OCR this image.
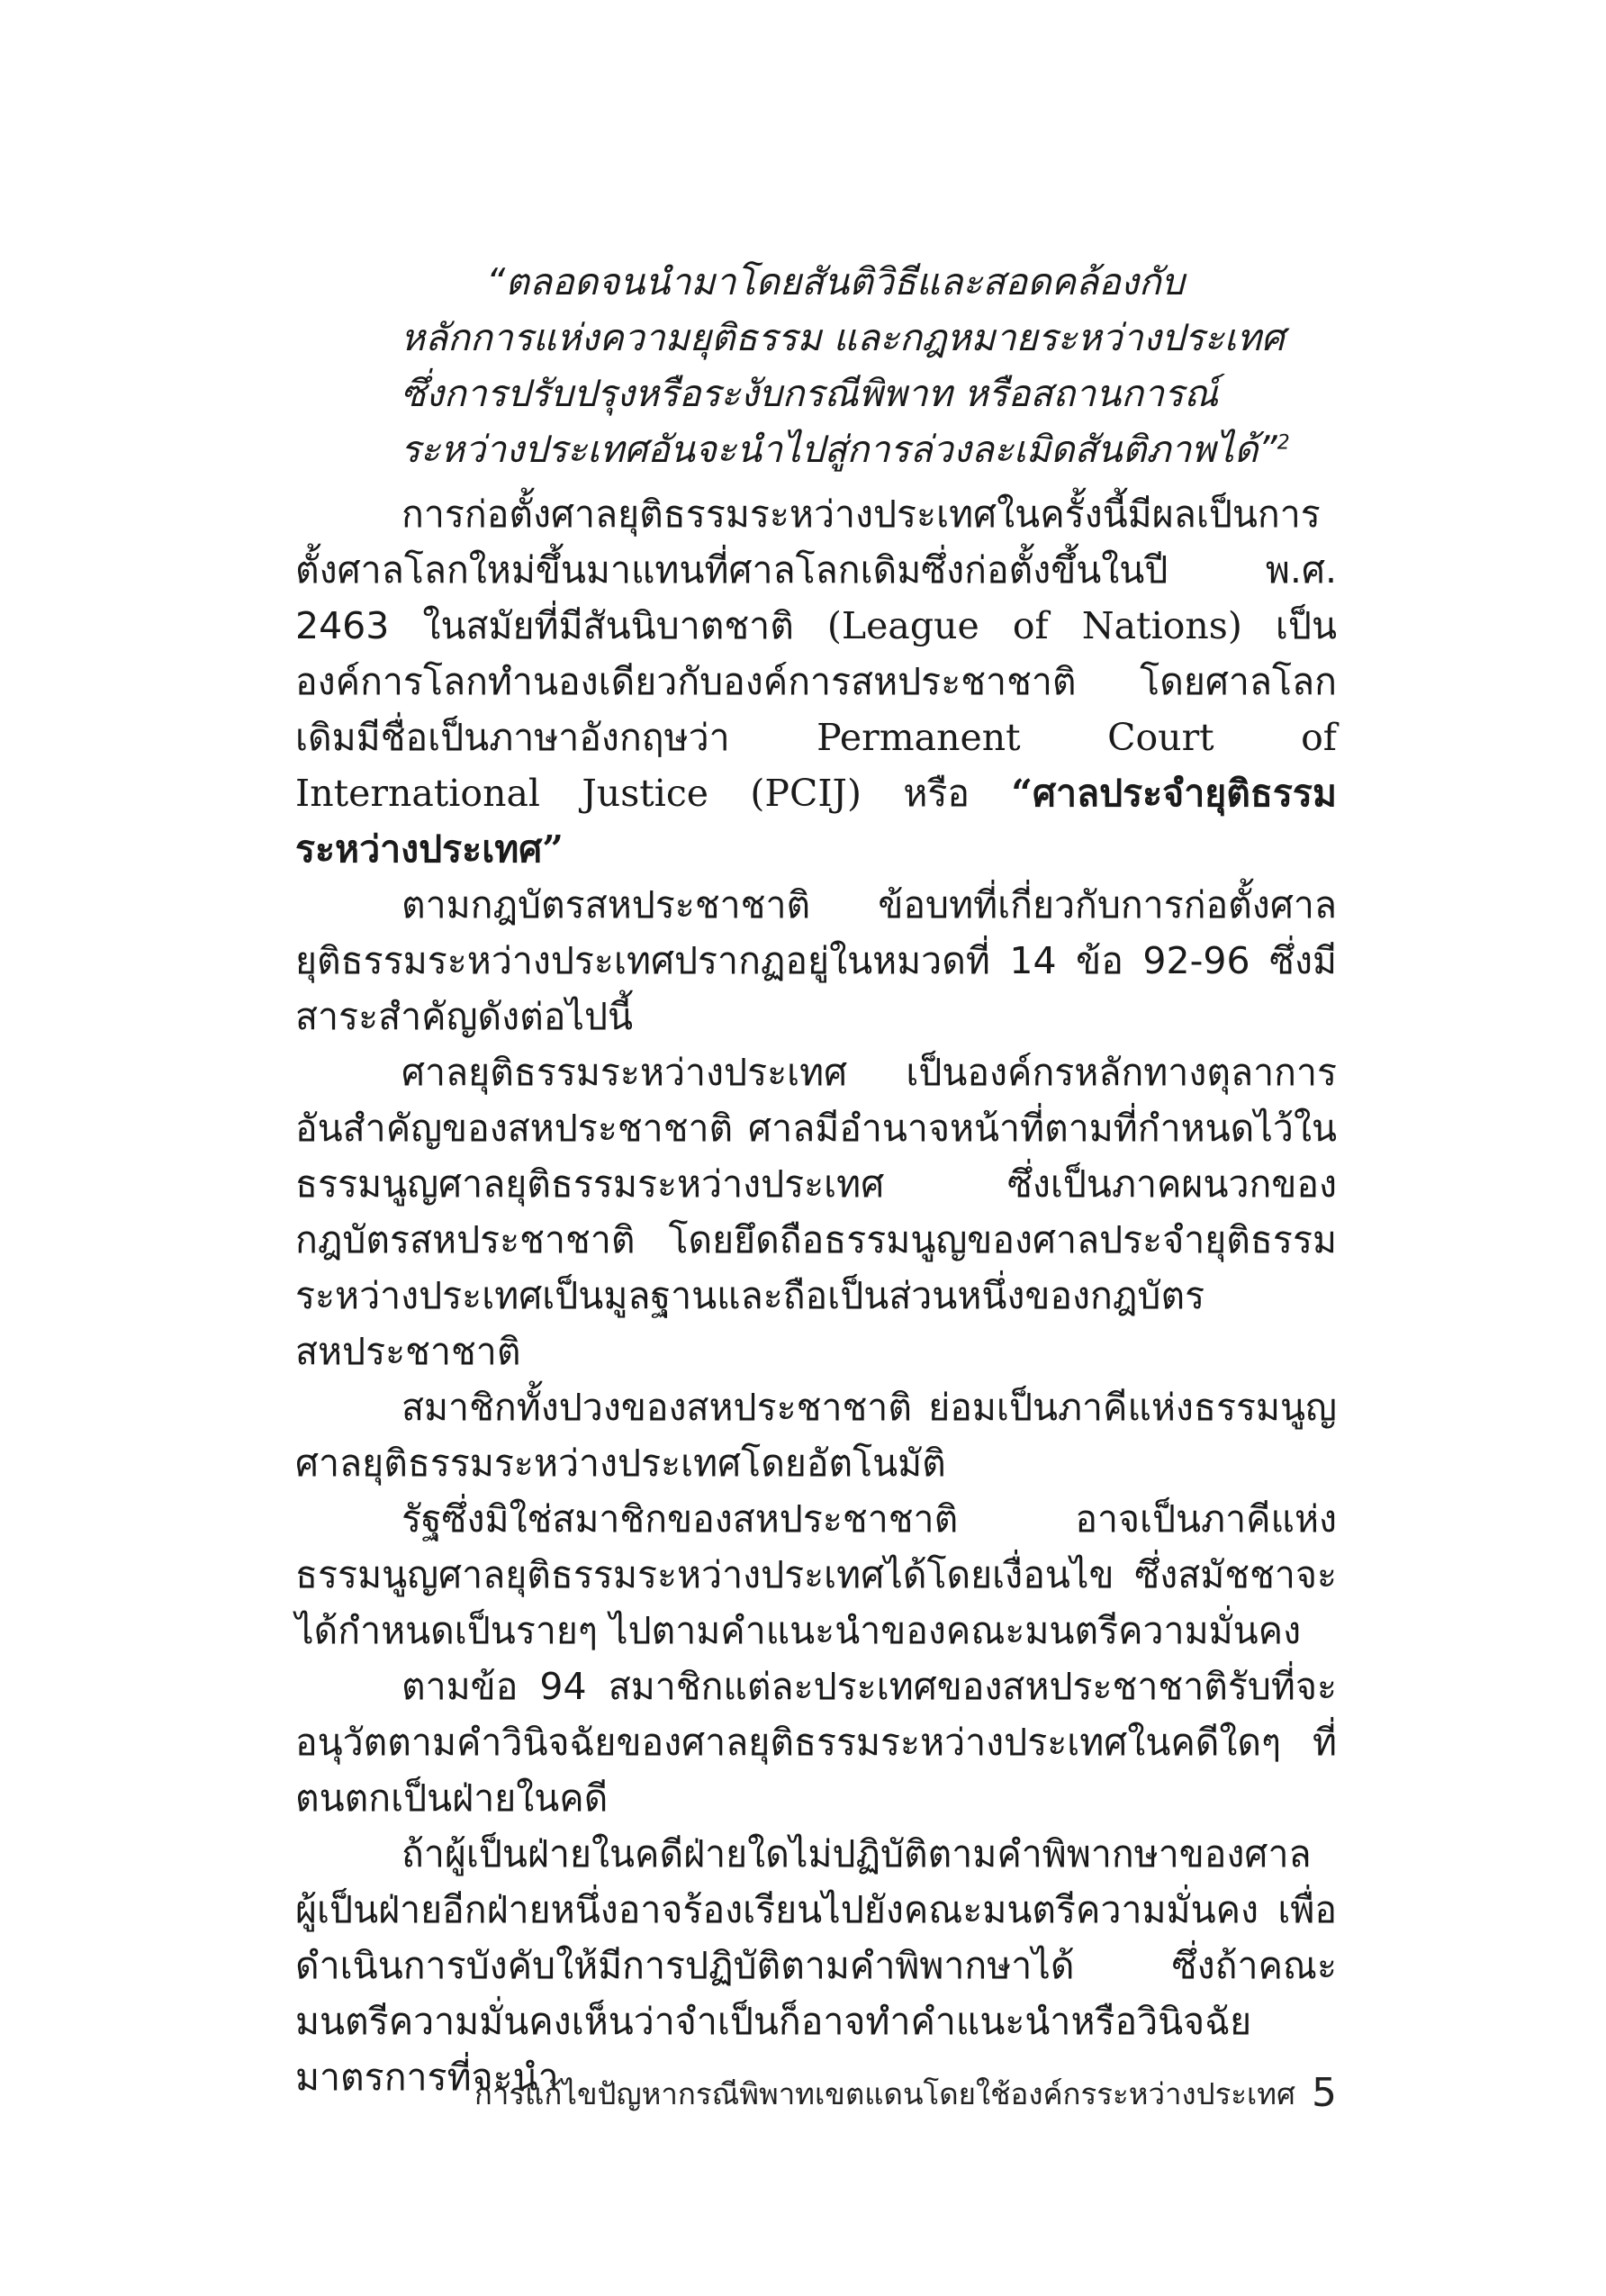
“ตลอดจนนำมาโดยสันติวิธีและสอดคล้องกับ
หลักการแห่งความยุติธรรม และกฎหมายระหว่างประเทศ
ซึ่งการปรับปรุงหรือระงับกรณีพิพาท หรือสถานการณ์
ระหว่างประเทศอันจะนำไปสู่การล่วงละเมิดสันติภาพได้”$^2$

การก่อตั้งศาลยุติธรรมระหว่างประเทศในครั้งนี้มีผลเป็นการตั้งศาลโลกใหม่ขึ้นมาแทนที่ศาลโลกเดิมซึ่งก่อตั้งขึ้นในปี พ.ศ. 2463 ในสมัยที่มีสันนิบาตชาติ (League of Nations) เป็นองค์การโลกทำนองเดียวกับองค์การสหประชาชาติ โดยศาลโลกเดิมมีชื่อเป็นภาษาอังกฤษว่า Permanent Court of International Justice (PCIJ) หรือ “ศาลประจำยุติธรรมระหว่างประเทศ”

ตามกฎบัตรสหประชาชาติ ข้อบทที่เกี่ยวกับการก่อตั้งศาลยุติธรรมระหว่างประเทศปรากฏอยู่ในหมวดที่ 14 ข้อ 92-96 ซึ่งมีสาระสำคัญดังต่อไปนี้

ศาลยุติธรรมระหว่างประเทศ เป็นองค์กรหลักทางตุลาการอันสำคัญของสหประชาชาติ ศาลมีอำนาจหน้าที่ตามที่กำหนดไว้ในธรรมนูญศาลยุติธรรมระหว่างประเทศ ซึ่งเป็นภาคผนวกของกฎบัตรสหประชาชาติ โดยยึดถือธรรมนูญของศาลประจำยุติธรรมระหว่างประเทศเป็นมูลฐานและถือเป็นส่วนหนึ่งของกฎบัตรสหประชาชาติ

สมาชิกทั้งปวงของสหประชาชาติ ย่อมเป็นภาคีแห่งธรรมนูญศาลยุติธรรมระหว่างประเทศโดยอัตโนมัติ

รัฐซึ่งมิใช่สมาชิกของสหประชาชาติ อาจเป็นภาคีแห่งธรรมนูญศาลยุติธรรมระหว่างประเทศได้โดยเงื่อนไข ซึ่งสมัชชาจะได้กำหนดเป็นรายๆ ไปตามคำแนะนำของคณะมนตรีความมั่นคง

ตามข้อ 94 สมาชิกแต่ละประเทศของสหประชาชาติรับที่จะอนุวัตตามคำวินิจฉัยของศาลยุติธรรมระหว่างประเทศในคดีใดๆ ที่ตนตกเป็นฝ่ายในคดี

ถ้าผู้เป็นฝ่ายในคดีฝ่ายใดไม่ปฏิบัติตามคำพิพากษาของศาล ผู้เป็นฝ่ายอีกฝ่ายหนึ่งอาจร้องเรียนไปยังคณะมนตรีความมั่นคง เพื่อดำเนินการบังคับให้มีการปฏิบัติตามคำพิพากษาได้ ซึ่งถ้าคณะมนตรีความมั่นคงเห็นว่าจำเป็นก็อาจทำคำแนะนำหรือวินิจฉัยมาตรการที่จะนำ

การแก้ไขปัญหากรณีพิพาทเขตแดนโดยใช้องค์กรระหว่างประเทศ 5
